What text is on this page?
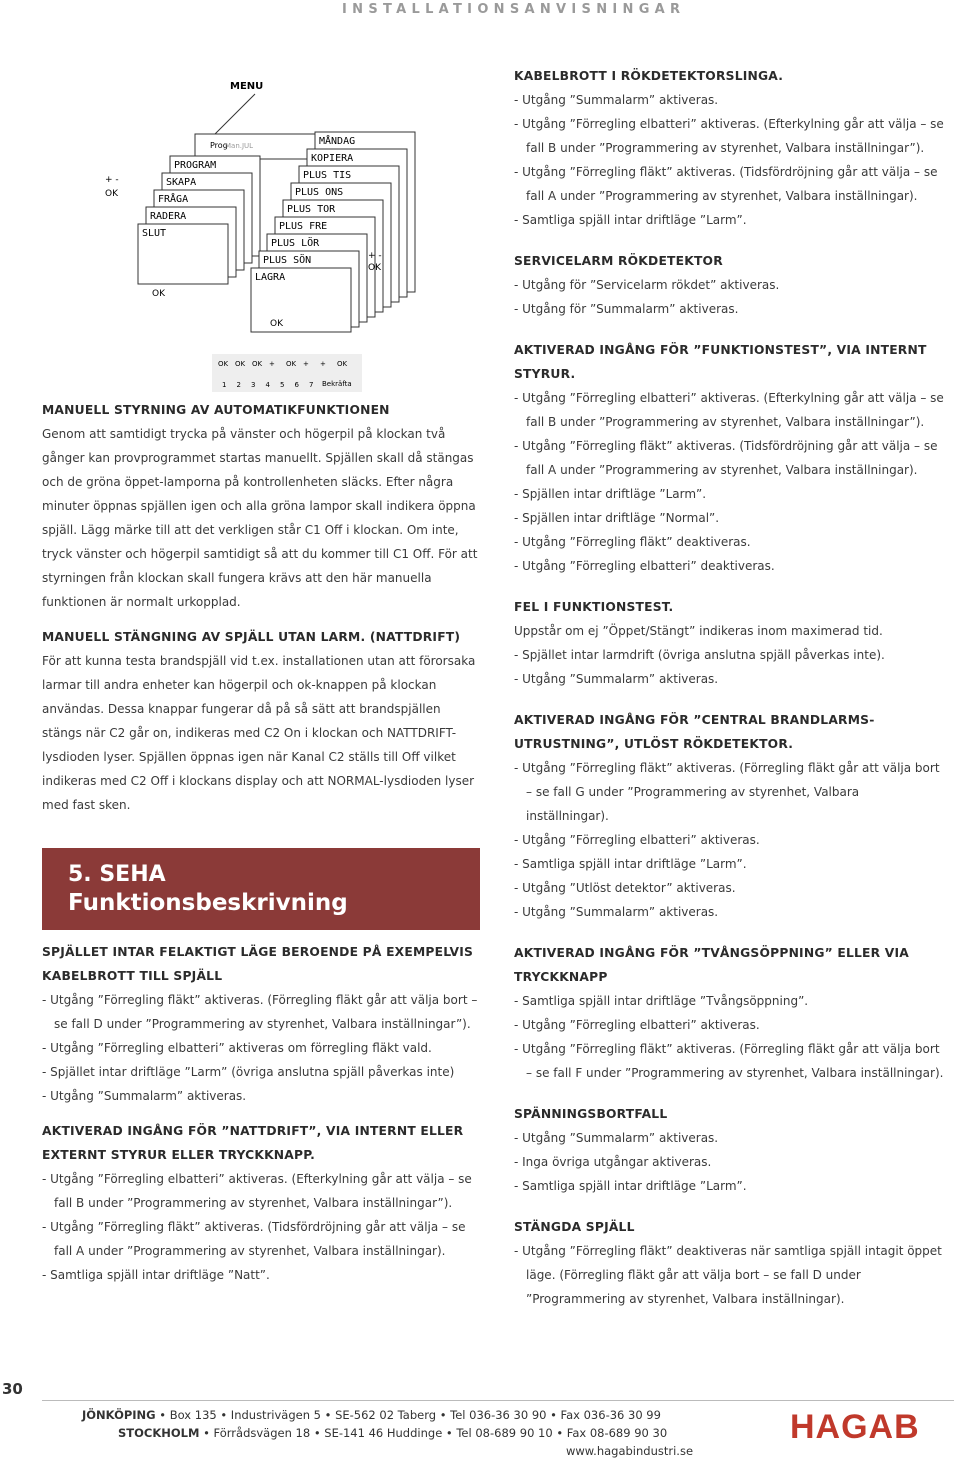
INSTALLATIONSANVISNINGAR
MENU
Prog
Man.JUL
PROGRAM
SKAPA
FRÅGA
RADERA
SLUT
MÅNDAG
KOPIERA
PLUS TIS
PLUS ONS
PLUS TOR
PLUS FRE
PLUS LÖR
PLUS SÖN
LAGRA
+ -
OK
+ -
OK
OK
OK
OK OK OK + OK + + OK
1 2 3 4 5 6 7 Bekräfta
MANUELL STYRNING AV AUTOMATIKFUNKTIONEN

Genom att samtidigt trycka på vänster och högerpil på klockan två gånger kan provprogrammet startas manuellt. Spjällen skall då stängas och de gröna öppet-lamporna på kontrollenheten släcks. Efter några minuter öppnas spjällen igen och alla gröna lampor skall indikera öppna spjäll. Lägg märke till att det verkligen står C1 Off i klockan. Om inte, tryck vänster och högerpil samtidigt så att du kommer till C1 Off. För att styrningen från klockan skall fungera krävs att den här manuella funktionen är normalt urkopplad.

MANUELL STÄNGNING AV SPJÄLL UTAN LARM. (NATTDRIFT)

För att kunna testa brandspjäll vid t.ex. installationen utan att förorsaka larmar till andra enheter kan högerpil och ok-knappen på klockan användas. Dessa knappar fungerar då på så sätt att brandspjällen stängs när C2 går on, indikeras med C2 On i klockan och NATTDRIFT-lysdioden lyser. Spjällen öppnas igen när Kanal C2 ställs till Off vilket indikeras med C2 Off i klockans display och att NORMAL-lysdioden lyser med fast sken.

5. SEHA
Funktionsbeskrivning
SPJÄLLET INTAR FELAKTIGT LÄGE BEROENDE PÅ EXEMPELVIS KABELBROTT TILL SPJÄLL
- Utgång ”Förregling fläkt” aktiveras. (Förregling fläkt går att välja bort – se fall D under ”Programmering av styrenhet, Valbara inställningar”).
- Utgång ”Förregling elbatteri” aktiveras om förregling fläkt vald.
- Spjället intar driftläge ”Larm” (övriga anslutna spjäll påverkas inte)
- Utgång ”Summalarm” aktiveras.
AKTIVERAD INGÅNG FÖR ”NATTDRIFT”, VIA INTERNT ELLER EXTERNT STYRUR ELLER TRYCKKNAPP.
- Utgång ”Förregling elbatteri” aktiveras. (Efterkylning går att välja – se fall B under ”Programmering av styrenhet, Valbara inställningar”).
- Utgång ”Förregling fläkt” aktiveras. (Tidsfördröjning går att välja – se fall A under ”Programmering av styrenhet, Valbara inställningar).
- Samtliga spjäll intar driftläge ”Natt”.
KABELBROTT I RÖKDETEKTORSLINGA.
- Utgång ”Summalarm” aktiveras.
- Utgång ”Förregling elbatteri” aktiveras. (Efterkylning går att välja – se fall B under ”Programmering av styrenhet, Valbara inställningar”).
- Utgång ”Förregling fläkt” aktiveras. (Tidsfördröjning går att välja – se fall A under ”Programmering av styrenhet, Valbara inställningar).
- Samtliga spjäll intar driftläge ”Larm”.
SERVICELARM RÖKDETEKTOR
- Utgång för ”Servicelarm rökdet” aktiveras.
- Utgång för ”Summalarm” aktiveras.
AKTIVERAD INGÅNG FÖR ”FUNKTIONSTEST”, VIA INTERNT STYRUR.
- Utgång ”Förregling elbatteri” aktiveras. (Efterkylning går att välja – se fall B under ”Programmering av styrenhet, Valbara inställningar”).
- Utgång ”Förregling fläkt” aktiveras. (Tidsfördröjning går att välja – se fall A under ”Programmering av styrenhet, Valbara inställningar).
- Spjällen intar driftläge ”Larm”.
- Spjällen intar driftläge ”Normal”.
- Utgång ”Förregling fläkt” deaktiveras.
- Utgång ”Förregling elbatteri” deaktiveras.
FEL I FUNKTIONSTEST.

Uppstår om ej ”Öppet/Stängt” indikeras inom maximerad tid.

- Spjället intar larmdrift (övriga anslutna spjäll påverkas inte).
- Utgång ”Summalarm” aktiveras.
AKTIVERAD INGÅNG FÖR ”CENTRAL BRANDLARMS-UTRUSTNING”, UTLÖST RÖKDETEKTOR.
- Utgång ”Förregling fläkt” aktiveras. (Förregling fläkt går att välja bort – se fall G under ”Programmering av styrenhet, Valbara inställningar).
- Utgång ”Förregling elbatteri” aktiveras.
- Samtliga spjäll intar driftläge ”Larm”.
- Utgång ”Utlöst detektor” aktiveras.
- Utgång ”Summalarm” aktiveras.
AKTIVERAD INGÅNG FÖR ”TVÅNGSÖPPNING” ELLER VIA TRYCKKNAPP
- Samtliga spjäll intar driftläge ”Tvångsöppning”.
- Utgång ”Förregling elbatteri” aktiveras.
- Utgång ”Förregling fläkt” aktiveras. (Förregling fläkt går att välja bort – se fall F under ”Programmering av styrenhet, Valbara inställningar).
SPÄNNINGSBORTFALL
- Utgång ”Summalarm” aktiveras.
- Inga övriga utgångar aktiveras.
- Samtliga spjäll intar driftläge ”Larm”.
STÄNGDA SPJÄLL
- Utgång ”Förregling fläkt” deaktiveras när samtliga spjäll intagit öppet läge. (Förregling fläkt går att välja bort – se fall D under ”Programmering av styrenhet, Valbara inställningar).
30
JÖNKÖPING • Box 135 • Industrivägen 5 • SE-562 02 Taberg • Tel 036-36 30 90 • Fax 036-36 30 99
STOCKHOLM • Förrådsvägen 18 • SE-141 46 Huddinge • Tel 08-689 90 10 • Fax 08-689 90 30
www.hagabindustri.se
HAGAB
